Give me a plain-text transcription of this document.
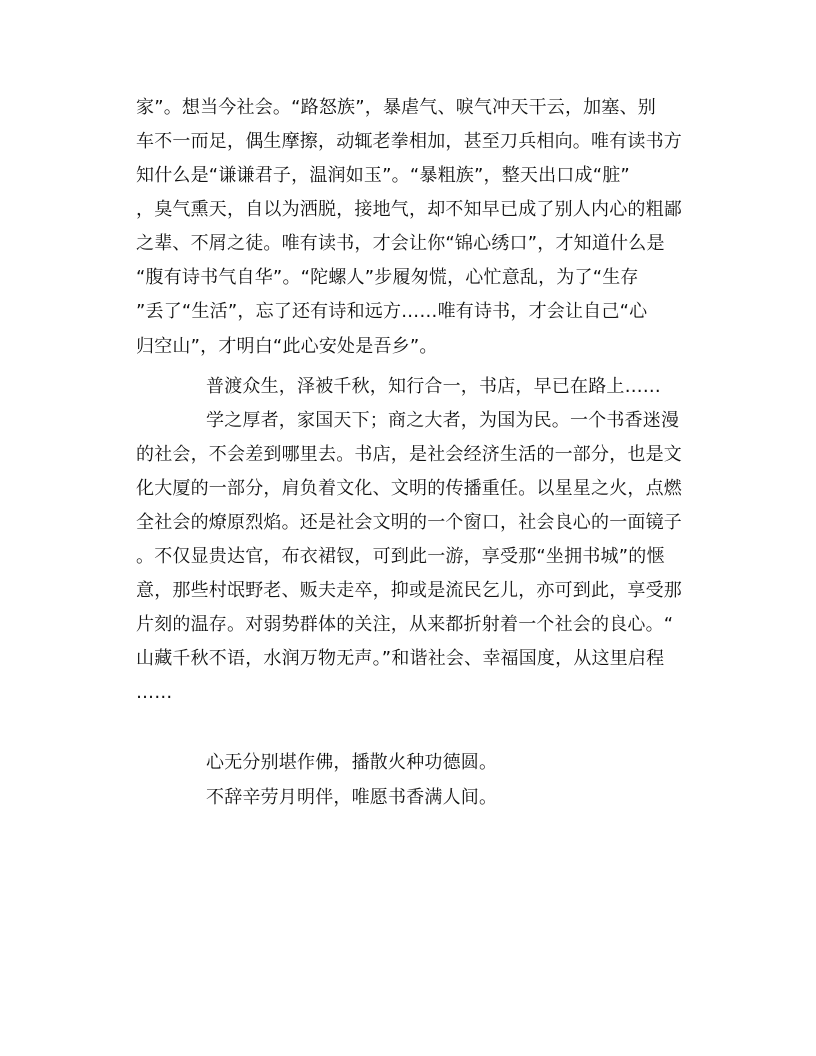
家”。想当今社会。“路怒族”，暴虐气、唳气冲天干云，加塞、别
车不一而足，偶生摩擦，动辄老拳相加，甚至刀兵相向。唯有读书方
知什么是“谦谦君子，温润如玉”。“暴粗族”，整天出口成“脏”
，臭气熏天，自以为洒脱，接地气，却不知早已成了别人内心的粗鄙
之辈、不屑之徒。唯有读书，才会让你“锦心绣口”，才知道什么是
“腹有诗书气自华”。“陀螺人”步履匆慌，心忙意乱，为了“生存
”丢了“生活”，忘了还有诗和远方……唯有诗书，才会让自己“心
归空山”，才明白“此心安处是吾乡”。
普渡众生，泽被千秋，知行合一，书店，早已在路上……
学之厚者，家国天下；商之大者，为国为民。一个书香迷漫
的社会，不会差到哪里去。书店，是社会经济生活的一部分，也是文
化大厦的一部分，肩负着文化、文明的传播重任。以星星之火，点燃
全社会的燎原烈焰。还是社会文明的一个窗口，社会良心的一面镜子
。不仅显贵达官，布衣裙钗，可到此一游，享受那“坐拥书城”的惬
意，那些村氓野老、贩夫走卒，抑或是流民乞儿，亦可到此，享受那
片刻的温存。对弱势群体的关注，从来都折射着一个社会的良心。“
山藏千秋不语，水润万物无声。”和谐社会、幸福国度，从这里启程
……
心无分别堪作佛，播散火种功德圆。
不辞辛劳月明伴，唯愿书香满人间。
